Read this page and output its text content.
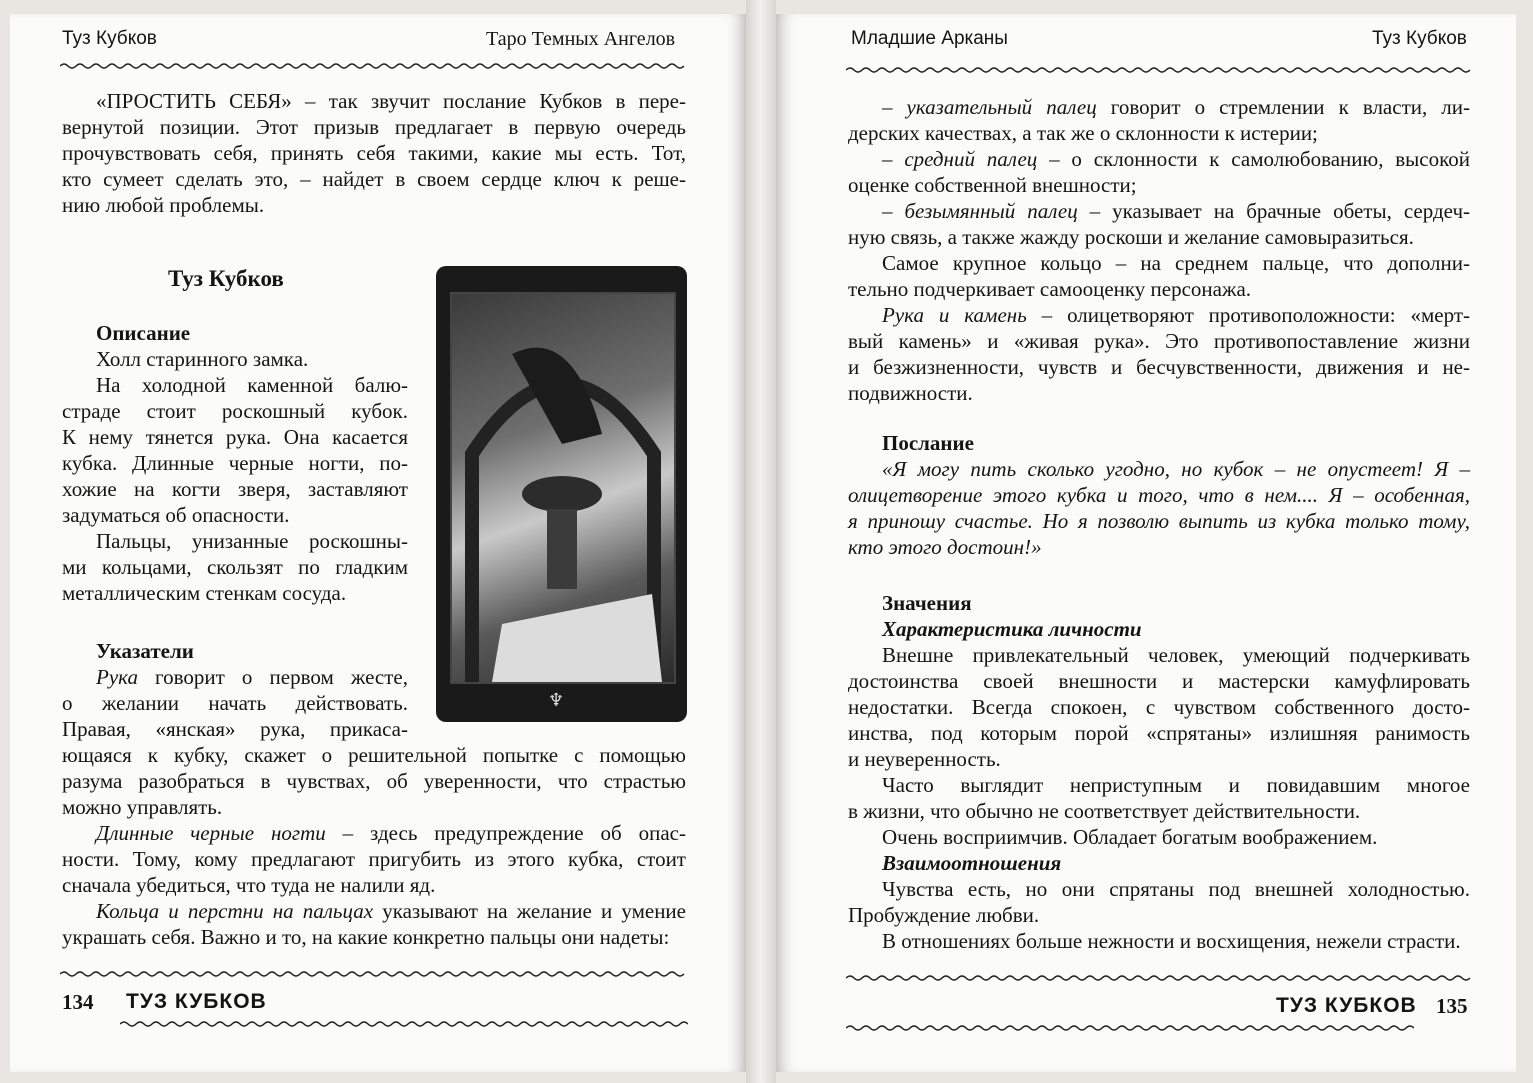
Туз Кубков	Таро Темных Ангелов

«ПРОСТИТЬ СЕБЯ» – так звучит послание Кубков в пере-

вернутой позиции. Этот призыв предлагает в первую очередь

прочувствовать себя, принять себя такими, какие мы есть. Тот,

кто сумеет сделать это, – найдет в своем сердце ключ к реше-

нию любой проблемы.

Туз Кубков
♆

Описание

Холл старинного замка.

На холодной каменной балю-

страде стоит роскошный кубок.

К нему тянется рука. Она касается

кубка. Длинные черные ногти, по-

хожие на когти зверя, заставляют

задуматься об опасности.

Пальцы, унизанные роскошны-

ми кольцами, скользят по гладким

металлическим стенкам сосуда.

Указатели

Рука говорит о первом жесте,

о желании начать действовать.

Правая, «янская» рука, прикаса-

ющаяся к кубку, скажет о решительной попытке с помощью

разума разобраться в чувствах, об уверенности, что страстью

можно управлять.

Длинные черные ногти – здесь предупреждение об опас-

ности. Тому, кому предлагают пригубить из этого кубка, стоит

сначала убедиться, что туда не налили яд.

Кольца и перстни на пальцах указывают на желание и умение

украшать себя. Важно и то, на какие конкретно пальцы они надеты:

134 ТУЗ КУБКОВ
Младшие Арканы	Туз Кубков

– указательный палец говорит о стремлении к власти, ли-

дерских качествах, а так же о склонности к истерии;

– средний палец – о склонности к самолюбованию, высокой

оценке собственной внешности;

– безымянный палец – указывает на брачные обеты, сердеч-

ную связь, а также жажду роскоши и желание самовыразиться.

Самое крупное кольцо – на среднем пальце, что дополни-

тельно подчеркивает самооценку персонажа.

Рука и камень – олицетворяют противоположности: «мерт-

вый камень» и «живая рука». Это противопоставление жизни

и безжизненности, чувств и бесчувственности, движения и не-

подвижности.

Послание

«Я могу пить сколько угодно, но кубок – не опустеет! Я –

олицетворение этого кубка и того, что в нем.... Я – особенная,

я приношу счастье. Но я позволю выпить из кубка только тому,

кто этого достоин!»

Значения

Характеристика личности

Внешне привлекательный человек, умеющий подчеркивать

достоинства своей внешности и мастерски камуфлировать

недостатки. Всегда спокоен, с чувством собственного досто-

инства, под которым порой «спрятаны» излишняя ранимость

и неуверенность.

Часто выглядит неприступным и повидавшим многое

в жизни, что обычно не соответствует действительности.

Очень восприимчив. Обладает богатым воображением.

Взаимоотношения

Чувства есть, но они спрятаны под внешней холодностью.

Пробуждение любви.

В отношениях больше нежности и восхищения, нежели страсти.

ТУЗ КУБКОВ 135
